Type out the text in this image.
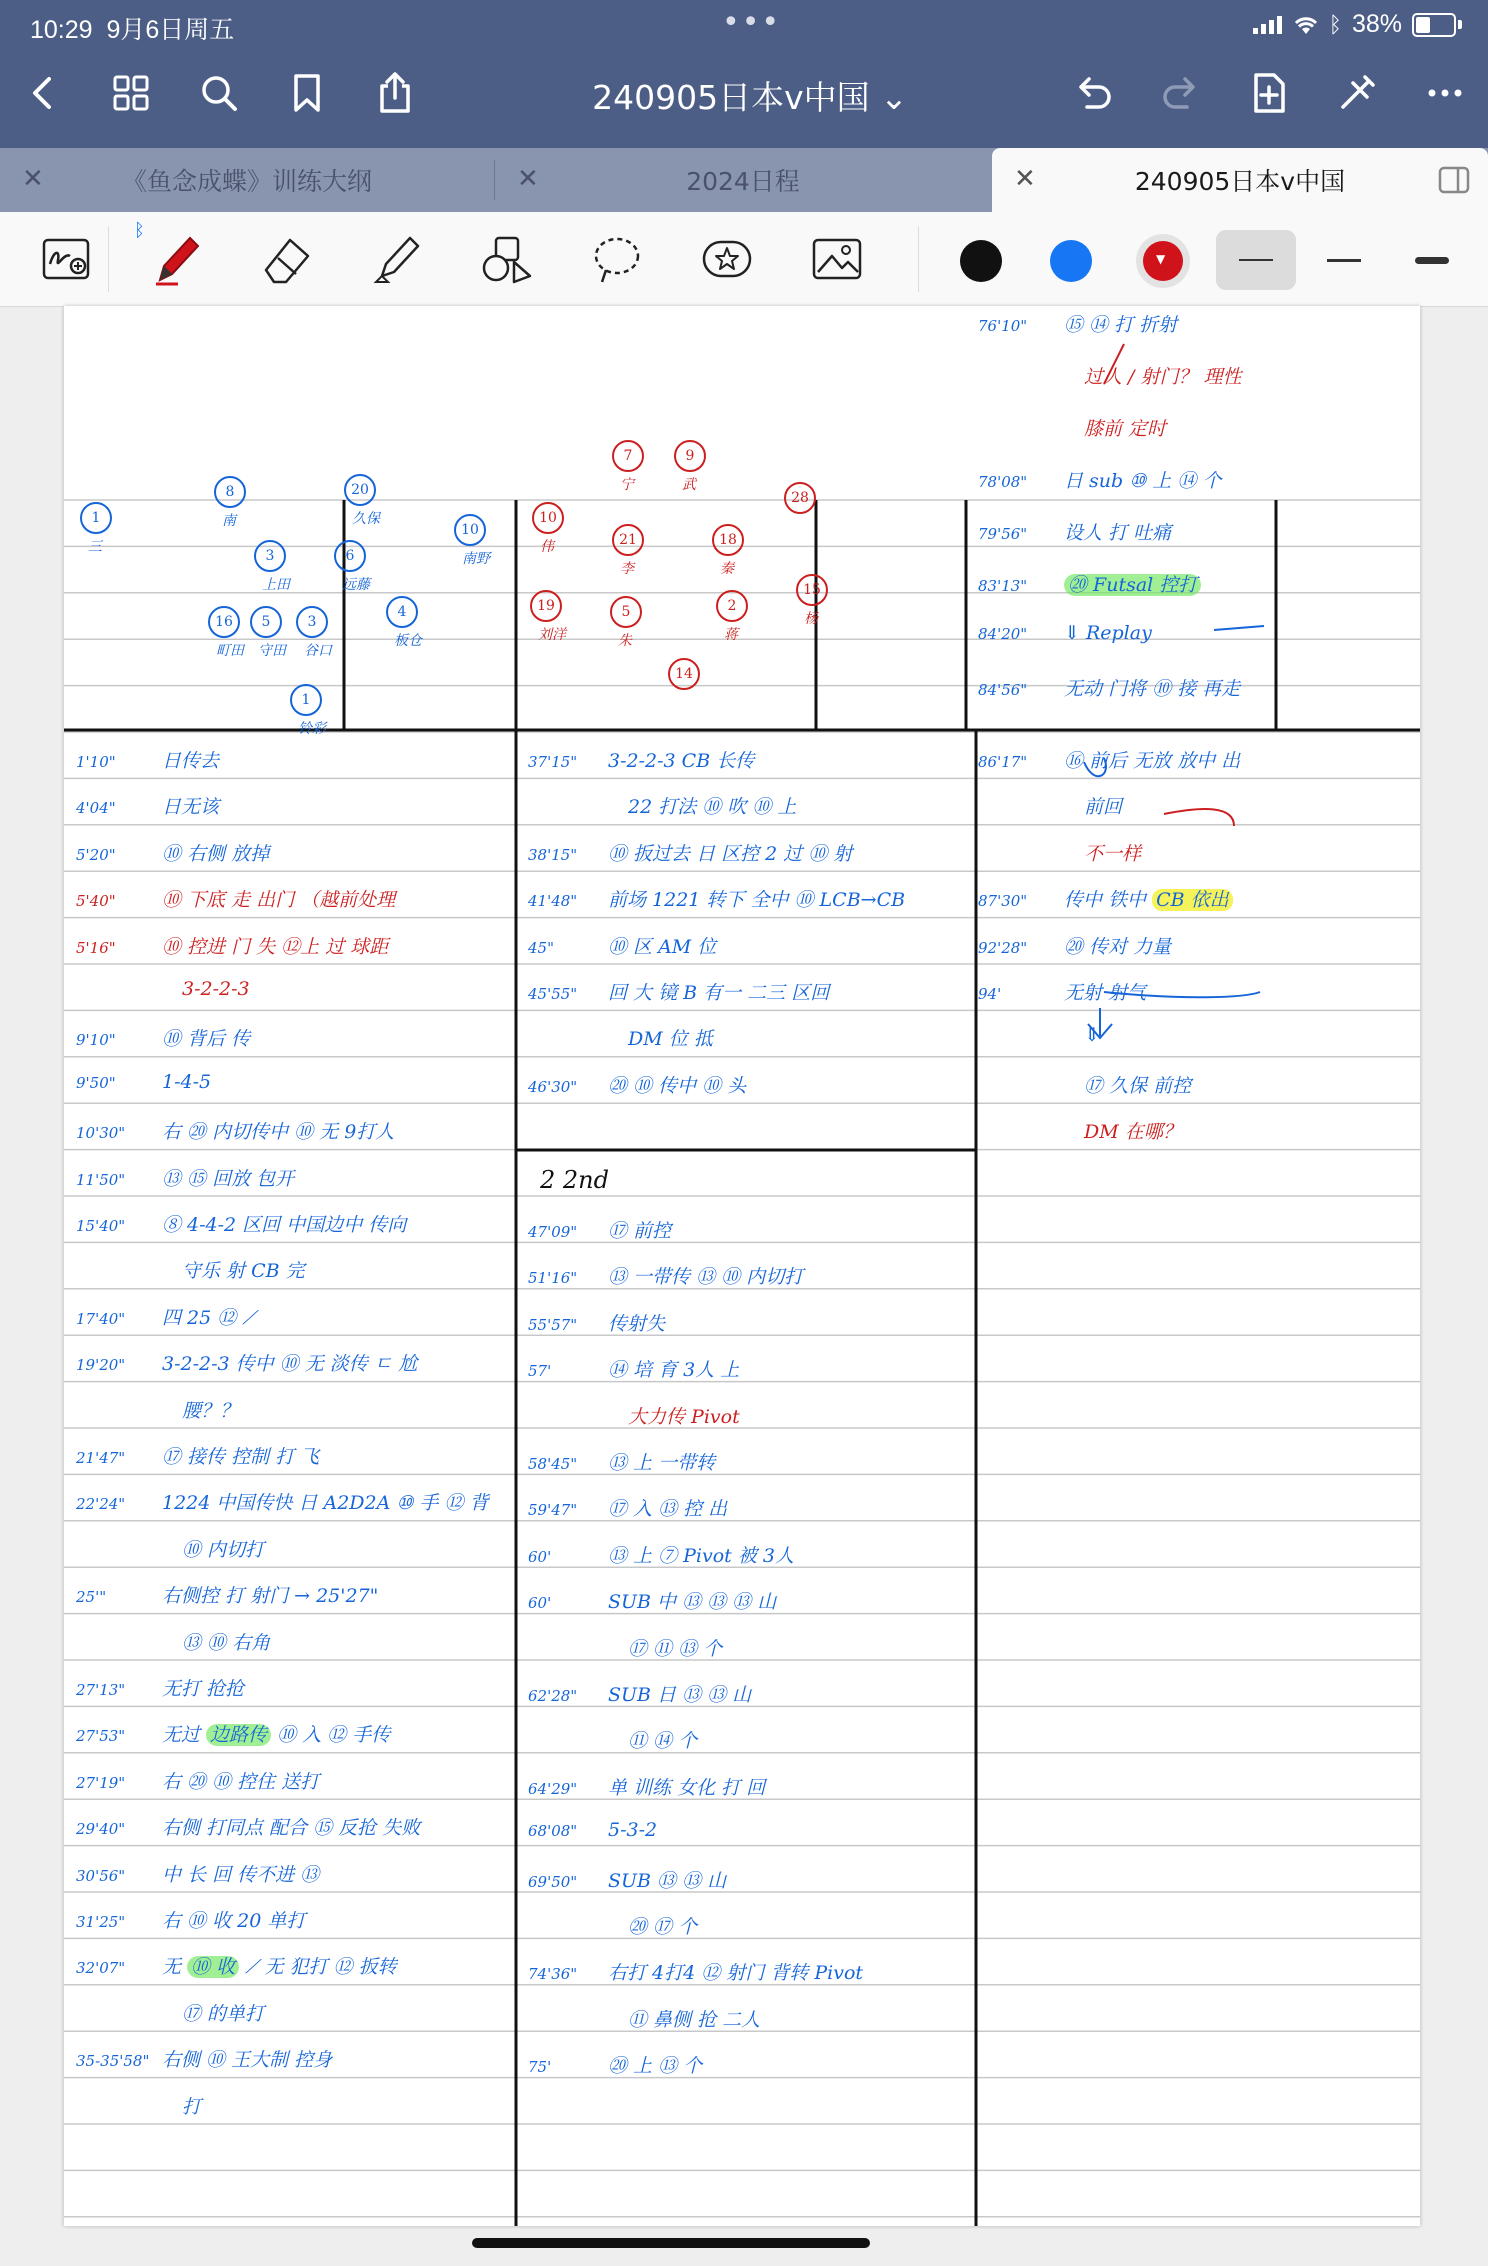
10:29 9月6日周五	•••	ᛒ 38%
240905日本v中国 ⌄
✕	《鱼念成蝶》训练大纲	✕	2024日程	✕	240905日本v中国
ᛒ
▼
1
三
8
南
3
上田
20
久保
10
南野
5
守田
6
远藤
16
町田
3
谷口
4
板仓
1
铃彩
7
宁
9
武
10
伟	21
李
18
秦
28
19
刘洋
5
朱
2
蒋
15
杨
14
1'10" 日传去
4'04" 日无该
5'20" ⑩ 右侧 放掉
5'40" ⑩ 下底 走 出门 （越前处理
5'16" ⑩ 控进 门 失 ⑫上 过 球距
3-2-2-3
9'10" ⑩ 背后 传
9'50" 1-4-5
10'30" 右 ⑳ 内切传中 ⑩ 无 9打人
11'50" ⑬ ⑮ 回放 包开
15'40" ⑧ 4-4-2 区回 中国边中 传向
守乐 射 CB 完
17'40" 四 25 ⑫ ⟋
19'20" 3-2-2-3 传中 ⑩ 无 淡传 ㄷ 尬
腰？？
21'47" ⑰ 接传 控制 打 飞
22'24" 1224 中国传快 日 A2D2A ⑩ 手 ⑫ 背
⑩ 内切打
25'"	右侧控 打 射门 → 25'27"
⑬ ⑩ 右角
27'13" 无打 抢抢
27'53" 无过 边路传 ⑩ 入 ⑫ 手传
27'19" 右 ⑳ ⑩ 控住 送打
29'40" 右侧 打同点 配合 ⑮ 反抢 失败
30'56" 中 长 回 传不进 ⑬
31'25" 右 ⑩ 收 20 单打
32'07" 无 ⑩ 收 ⟋ 无 犯打 ⑫ 扳转
⑰ 的单打
35-35'58" 右侧 ⑩ 王大制 控身
打
37'15" 3-2-2-3 CB 长传
22 打法 ⑩ 吹 ⑩ 上
38'15" ⑩ 扳过去 日 区控 2 过 ⑩ 射
41'48" 前场 1221 转下 全中 ⑩ LCB→CB
45"	⑩ 区 AM 位
45'55" 回 大 镜 B 有一 二三 区回
DM 位 抵
46'30" ⑳ ⑩ 传中 ⑩ 头
2 2nd
47'09" ⑰ 前控
51'16" ⑬ 一带传 ⑬ ⑩ 内切打
55'57" 传射失
57'	⑭ 培 育 3人 上
大力传 Pivot
58'45" ⑬ 上 一带转
59'47" ⑰ 入 ⑬ 控 出
60'	⑬ 上 ⑦ Pivot 被 3人
60'	SUB 中 ⑬ ⑬ ⑬ 山
⑰ ⑪ ⑬ 个
62'28" SUB 日 ⑬ ⑬ 山
⑪ ⑭ 个
64'29" 单 训练 女化 打 回
68'08" 5-3-2
69'50" SUB ⑬ ⑬ 山
⑳ ⑰ 个
74'36" 右打 4打4 ⑫ 射门 背转 Pivot
⑪ 鼻侧 抢 二人
75'	⑳ 上 ⑬ 个
76'10" ⑮ ⑭ 打 折射
过人 / 射门？ 理性
膝前 定时
78'08" 日 sub ⑩ 上 ⑭ 个
79'56" 设人 打 吐痛
83'13" ⑳ Futsal 控打
84'20" ⇓ Replay
84'56" 无动 门将 ⑩ 接 再走
86'17" ⑯ 前后 无放 放中 出
前回
不一样
87'30" 传中 铁中 CB 依出
92'28" ⑳ 传对 力量
94'	无射 射气
⇓
⑰ 久保 前控
DM 在哪？
